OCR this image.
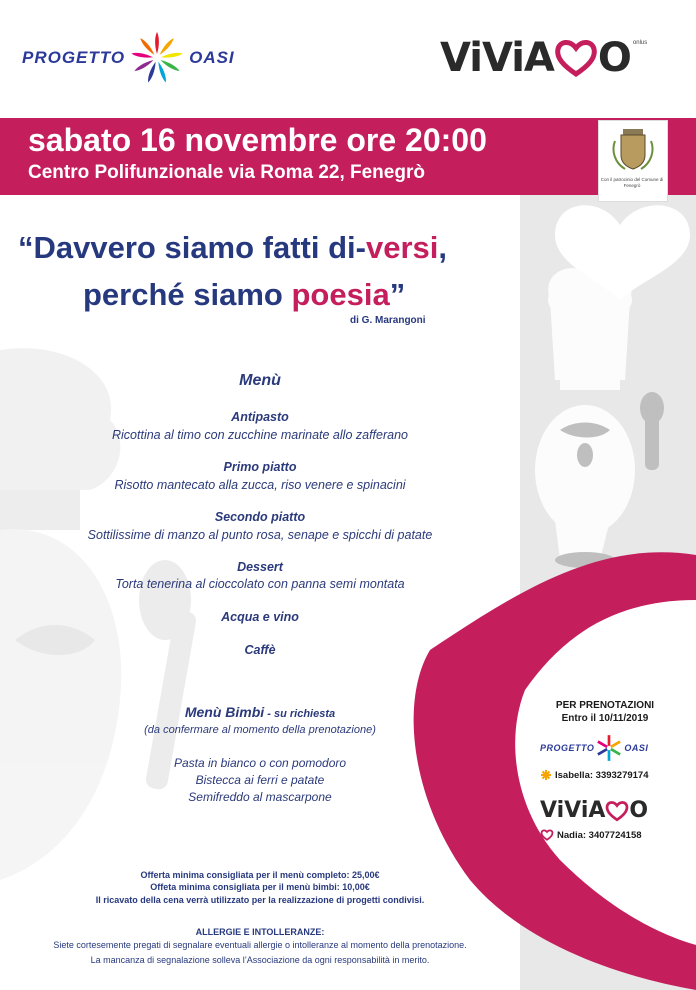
PROGETTO	OASI	ViViA O onlus
sabato 16 novembre ore 20:00
Centro Polifunzionale via Roma 22, Fenegrò	Con il patrocinio del Comune di Fenegrò
“Davvero siamo fatti di-versi,
perché siamo poesia”
di G. Marangoni
Menù
Antipasto
Ricottina al timo con zucchine marinate allo zafferano
Primo piatto
Risotto mantecato alla zucca, riso venere e spinacini
Secondo piatto
Sottilissime di manzo al punto rosa, senape e spicchi di patate
Dessert
Torta tenerina al cioccolato con panna semi montata
Acqua e vino
Caffè
Menù Bimbi - su richiesta
(da confermare al momento della prenotazione)
Pasta in bianco o con pomodoro
Bistecca ai ferri e patate
Semifreddo al mascarpone
Offerta minima consigliata per il menù completo: 25,00€
Offeta minima consigliata per il menù bimbi: 10,00€
Il ricavato della cena verrà utilizzato per la realizzazione di progetti condivisi.
ALLERGIE E INTOLLERANZE:
Siete cortesemente pregati di segnalare eventuali allergie o intolleranze al momento della prenotazione.
La mancanza di segnalazione solleva l’Associazione da ogni responsabilità in merito.
PER PRENOTAZIONI
Entro il 10/11/2019
PROGETTO	OASI
Isabella: 3393279174
ViViA O
Nadia: 3407724158
